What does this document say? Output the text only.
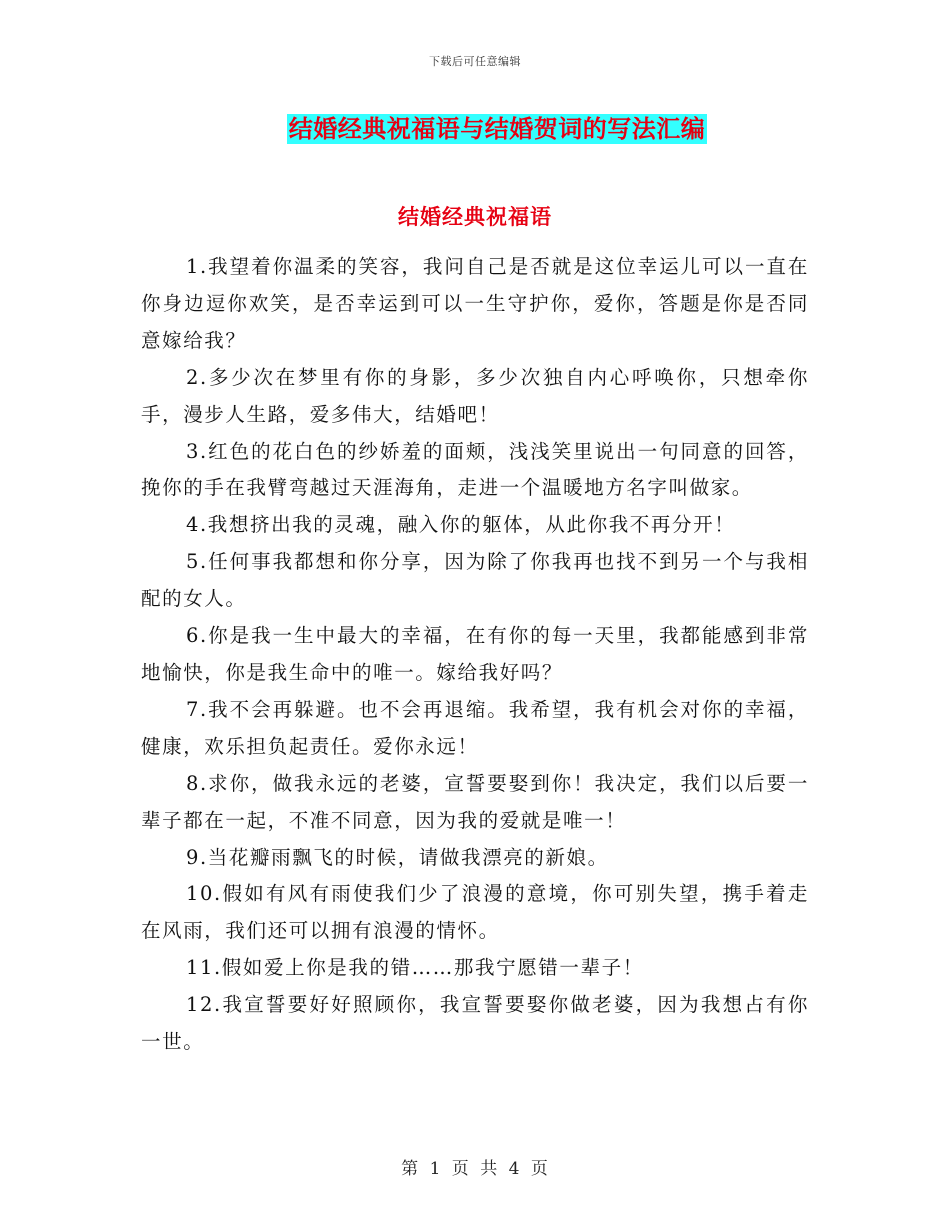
下载后可任意编辑
结婚经典祝福语与结婚贺词的写法汇编
结婚经典祝福语

1.我望着你温柔的笑容，我问自己是否就是这位幸运儿可以一直在你身边逗你欢笑，是否幸运到可以一生守护你，爱你，答题是你是否同意嫁给我？

2.多少次在梦里有你的身影，多少次独自内心呼唤你，只想牵你手，漫步人生路，爱多伟大，结婚吧！

3.红色的花白色的纱娇羞的面颊，浅浅笑里说出一句同意的回答，挽你的手在我臂弯越过天涯海角，走进一个温暖地方名字叫做家。

4.我想挤出我的灵魂，融入你的躯体，从此你我不再分开！

5.任何事我都想和你分享，因为除了你我再也找不到另一个与我相配的女人。

6.你是我一生中最大的幸福，在有你的每一天里，我都能感到非常地愉快，你是我生命中的唯一。嫁给我好吗？

7.我不会再躲避。也不会再退缩。我希望，我有机会对你的幸福，健康，欢乐担负起责任。爱你永远！

8.求你，做我永远的老婆，宣誓要娶到你！我决定，我们以后要一辈子都在一起，不准不同意，因为我的爱就是唯一！

9.当花瓣雨飘飞的时候，请做我漂亮的新娘。

10.假如有风有雨使我们少了浪漫的意境，你可别失望，携手着走在风雨，我们还可以拥有浪漫的情怀。

11.假如爱上你是我的错……那我宁愿错一辈子！

12.我宣誓要好好照顾你，我宣誓要娶你做老婆，因为我想占有你一世。

第 1 页 共 4 页
